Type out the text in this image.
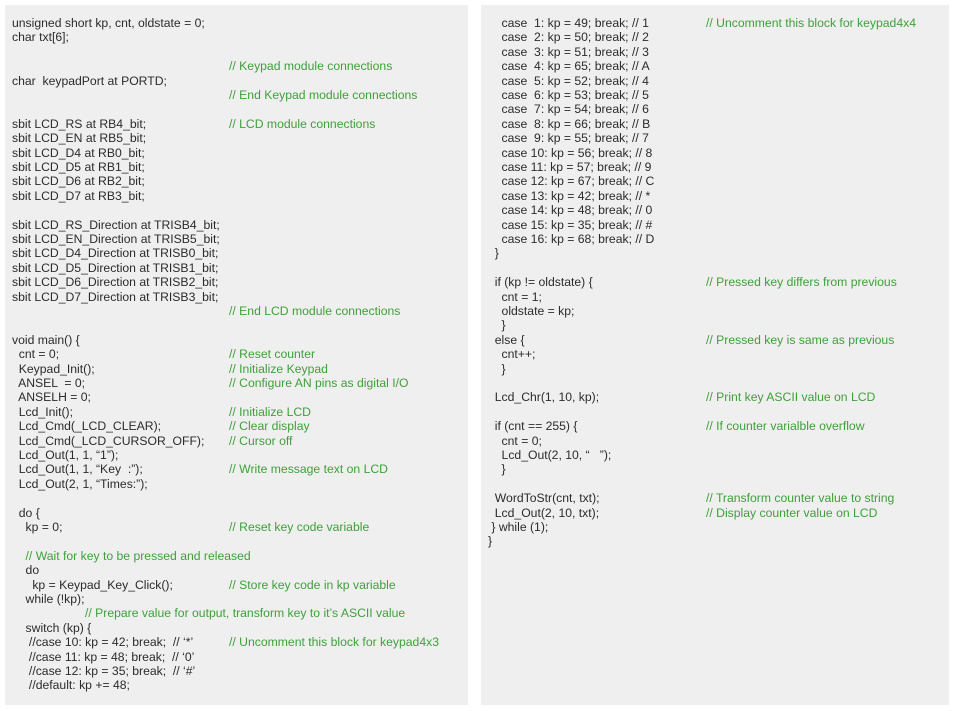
unsigned short kp, cnt, oldstate = 0;
char txt[6];
// Keypad module connections
char  keypadPort at PORTD;
// End Keypad module connections
sbit LCD_RS at RB4_bit;	// LCD module connections
sbit LCD_EN at RB5_bit;
sbit LCD_D4 at RB0_bit;
sbit LCD_D5 at RB1_bit;
sbit LCD_D6 at RB2_bit;
sbit LCD_D7 at RB3_bit;
sbit LCD_RS_Direction at TRISB4_bit;
sbit LCD_EN_Direction at TRISB5_bit;
sbit LCD_D4_Direction at TRISB0_bit;
sbit LCD_D5_Direction at TRISB1_bit;
sbit LCD_D6_Direction at TRISB2_bit;
sbit LCD_D7_Direction at TRISB3_bit;
// End LCD module connections
void main() {
cnt = 0;	// Reset counter
Keypad_Init();	// Initialize Keypad
ANSEL  = 0;	// Configure AN pins as digital I/O
ANSELH = 0;
Lcd_Init();	// Initialize LCD
Lcd_Cmd(_LCD_CLEAR);	// Clear display
Lcd_Cmd(_LCD_CURSOR_OFF); // Cursor off
Lcd_Out(1, 1, “1”);
Lcd_Out(1, 1, “Key  :”);	// Write message text on LCD
Lcd_Out(2, 1, “Times:”);
do {
kp = 0;	// Reset key code variable
// Wait for key to be pressed and released
do
kp = Keypad_Key_Click();	// Store key code in kp variable
while (!kp);
// Prepare value for output, transform key to it’s ASCII value
switch (kp) {
//case 10: kp = 42; break;  // ‘*’	// Uncomment this block for keypad4x3
//case 11: kp = 48; break;  // ‘0’
//case 12: kp = 35; break;  // ‘#’
//default: kp += 48;
case  1: kp = 49; break; // 1	// Uncomment this block for keypad4x4
case  2: kp = 50; break; // 2
case  3: kp = 51; break; // 3
case  4: kp = 65; break; // A
case  5: kp = 52; break; // 4
case  6: kp = 53; break; // 5
case  7: kp = 54; break; // 6
case  8: kp = 66; break; // B
case  9: kp = 55; break; // 7
case 10: kp = 56; break; // 8
case 11: kp = 57; break; // 9
case 12: kp = 67; break; // C
case 13: kp = 42; break; // *
case 14: kp = 48; break; // 0
case 15: kp = 35; break; // #
case 16: kp = 68; break; // D
}
if (kp != oldstate) {	// Pressed key differs from previous
cnt = 1;
oldstate = kp;
}
else {	// Pressed key is same as previous
cnt++;
}
Lcd_Chr(1, 10, kp);	// Print key ASCII value on LCD
if (cnt == 255) {	// If counter varialble overflow
cnt = 0;
Lcd_Out(2, 10, “   ”);
}
WordToStr(cnt, txt);	// Transform counter value to string
Lcd_Out(2, 10, txt);	// Display counter value on LCD
} while (1);
}
